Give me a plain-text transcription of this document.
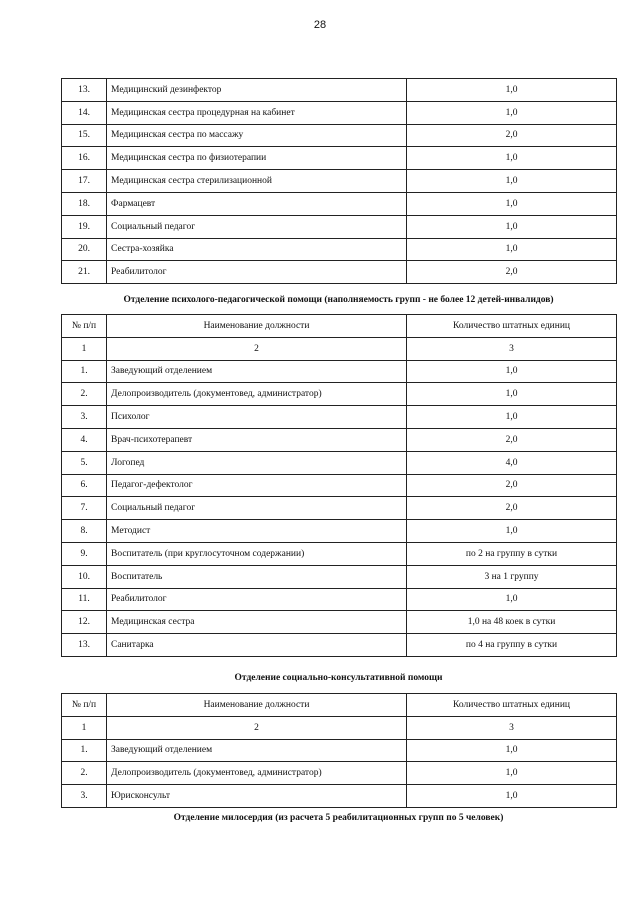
28
13.	Медицинский дезинфектор	1,0
14.	Медицинская сестра процедурная на кабинет	1,0
15.	Медицинская сестра по массажу	2,0
16.	Медицинская сестра по физиотерапии	1,0
17.	Медицинская сестра стерилизационной	1,0
18.	Фармацевт	1,0
19.	Социальный педагог	1,0
20.	Сестра-хозяйка	1,0
21.	Реабилитолог	2,0
Отделение психолого-педагогической помощи (наполняемость групп - не более 12 детей-инвалидов)
№ п/п	Наименование должности	Количество штатных единиц
1	2	3
1.	Заведующий отделением	1,0
2.	Делопроизводитель (документовед, администратор)	1,0
3.	Психолог	1,0
4.	Врач-психотерапевт	2,0
5.	Логопед	4,0
6.	Педагог-дефектолог	2,0
7.	Социальный педагог	2,0
8.	Методист	1,0
9.	Воспитатель (при круглосуточном содержании)	по 2 на группу в сутки
10.	Воспитатель	3 на 1 группу
11.	Реабилитолог	1,0
12.	Медицинская сестра	1,0 на 48 коек в сутки
13.	Санитарка	по 4 на группу в сутки
Отделение социально-консультативной помощи
№ п/п	Наименование должности	Количество штатных единиц
1	2	3
1.	Заведующий отделением	1,0
2.	Делопроизводитель (документовед, администратор)	1,0
3.	Юрисконсульт	1,0
Отделение милосердия (из расчета 5 реабилитационных групп по 5 человек)
